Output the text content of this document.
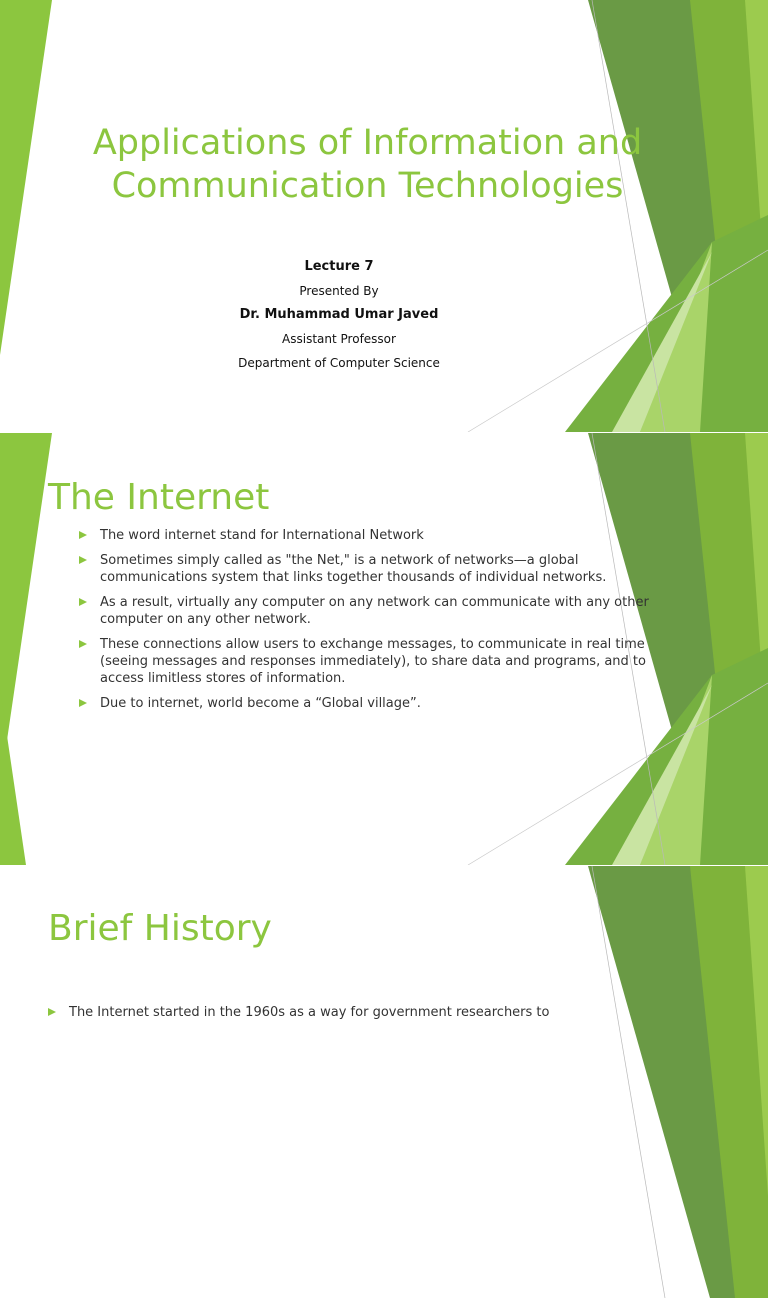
Applications of Information and Communication Technologies

Lecture 7

Presented By

Dr. Muhammad Umar Javed

Assistant Professor

Department of Computer Science

The Internet
The word internet stand for International Network
Sometimes simply called as "the Net," is a network of networks—a global communications system that links together thousands of individual networks.
As a result, virtually any computer on any network can communicate with any other computer on any other network.
These connections allow users to exchange messages, to communicate in real time (seeing messages and responses immediately), to share data and programs, and to access limitless stores of information.
Due to internet, world become a “Global village”.
Brief History
The Internet started in the 1960s as a way for government researchers to
